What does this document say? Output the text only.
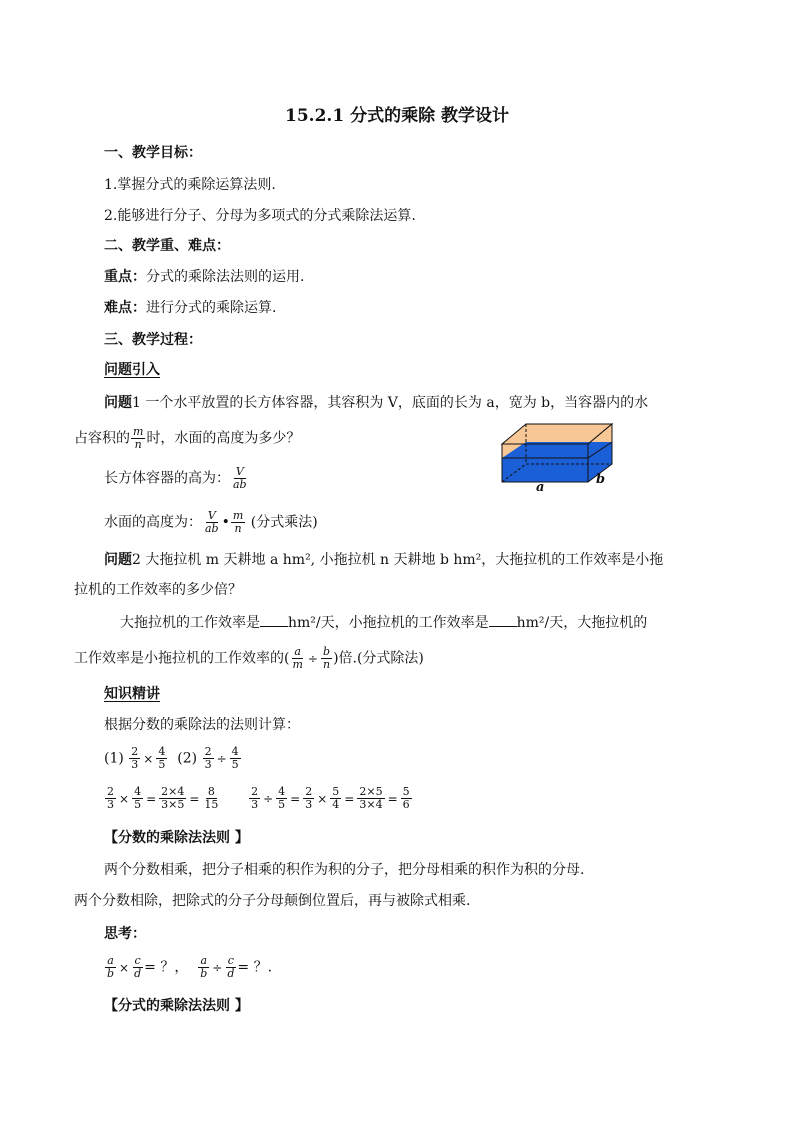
15.2.1 分式的乘除 教学设计
一、教学目标：
1.掌握分式的乘除运算法则.
2.能够进行分子、分母为多项式的分式乘除法运算.
二、教学重、难点：
重点：分式的乘除法法则的运用.
难点：进行分式的乘除运算.
三、教学过程：
问题引入
问题1 一个水平放置的长方体容器，其容积为 V，底面的长为 a，宽为 b，当容器内的水
占容积的 $\frac{m}{n}$ 时，水面的高度为多少？
a
b
长方体容器的高为： $\frac{V}{ab}$
水面的高度为： $\frac{V}{ab}$ • $\frac{m}{n}$ (分式乘法)
问题2 大拖拉机 m 天耕地 a hm², 小拖拉机 n 天耕地 b hm²，大拖拉机的工作效率是小拖
拉机的工作效率的多少倍？
大拖拉机的工作效率是 hm²/天，小拖拉机的工作效率是 hm²/天，大拖拉机的
工作效率是小拖拉机的工作效率的( $\frac{a}{m} \div \frac{b}{n}$ )倍.(分式除法)
知识精讲
根据分数的乘除法的法则计算：
$(1) \frac{2}{3} \times \frac{4}{5} (2) \frac{2}{3} \div \frac{4}{5}$
$\frac{2}{3} \times \frac{4}{5} = \frac{2\times 4}{3\times 5} = \frac{8}{15}$
	$\frac{2}{3} \div \frac{4}{5} = \frac{2}{3} \times \frac{5}{4} = \frac{2\times 5}{3\times 4} = \frac{5}{6}$
【分数的乘除法法则 】
两个分数相乘，把分子相乘的积作为积的分子，把分母相乘的积作为积的分母.
两个分数相除，把除式的分子分母颠倒位置后，再与被除式相乘.
思考：
$\frac{a}{b} \times \frac{c}{d}$ = ？， $\frac{a}{b} \div \frac{c}{d}$ = ？.
【分式的乘除法法则 】
